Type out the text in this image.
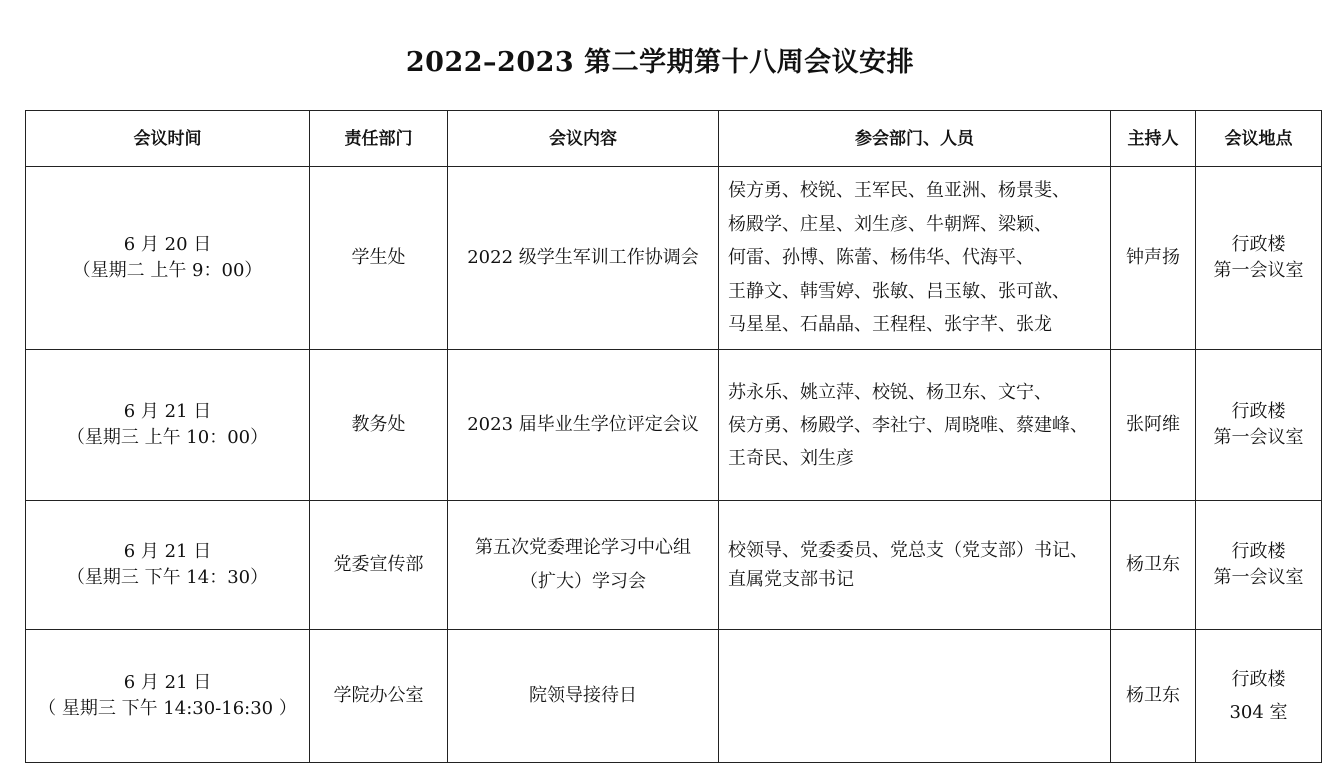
2022–2023 第二学期第十八周会议安排
会议时间	责任部门	会议内容	参会部门、人员	主持人	会议地点

6 月 20 日
（星期二 上午 9：00）	学生处	2022 级学生军训工作协调会	侯方勇、校锐、王军民、鱼亚洲、杨景斐、
杨殿学、庄星、刘生彦、牛朝辉、梁颖、
何雷、孙博、陈蕾、杨伟华、代海平、
王静文、韩雪婷、张敏、吕玉敏、张可歆、
马星星、石晶晶、王程程、张宇芊、张龙	钟声扬	行政楼
第一会议室

6 月 21 日
（星期三 上午 10：00）	教务处	2023 届毕业生学位评定会议	苏永乐、姚立萍、校锐、杨卫东、文宁、
侯方勇、杨殿学、李社宁、周晓唯、蔡建峰、
王奇民、刘生彦	张阿维	行政楼
第一会议室

6 月 21 日
（星期三 下午 14：30）	党委宣传部	第五次党委理论学习中心组
（扩大）学习会	校领导、党委委员、党总支（党支部）书记、
直属党支部书记	杨卫东	行政楼
第一会议室

6 月 21 日
（ 星期三 下午 14:30-16:30 ）	学院办公室	院领导接待日		杨卫东	行政楼
304 室
